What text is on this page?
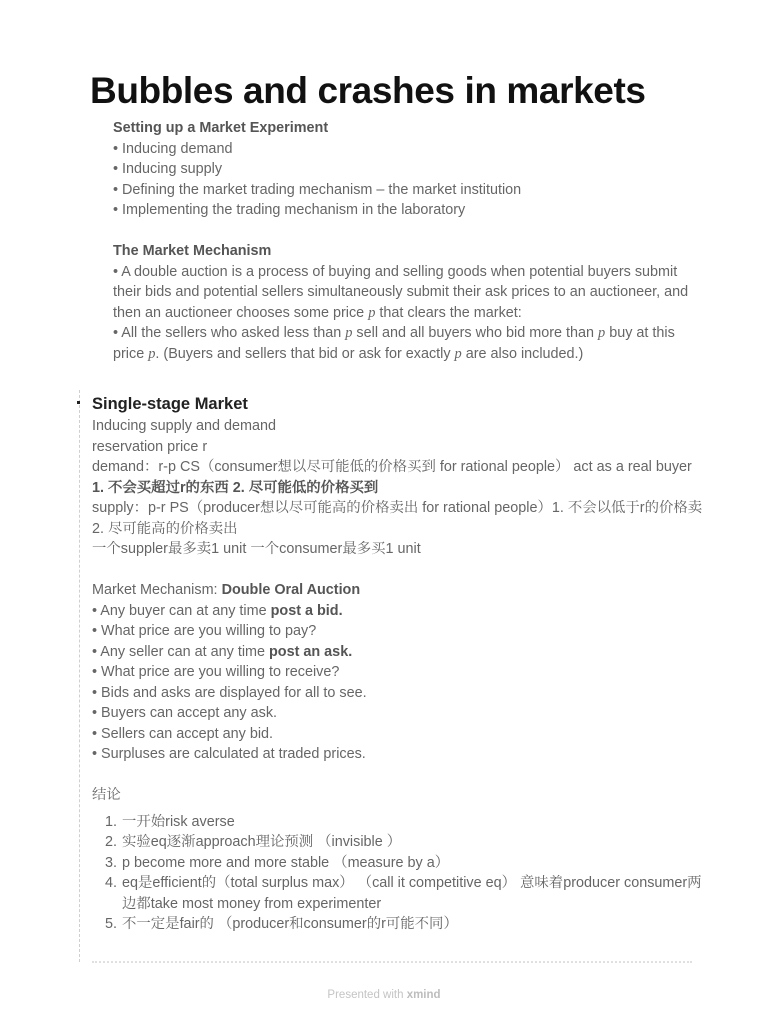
Bubbles and crashes in markets
Setting up a Market Experiment
• Inducing demand
• Inducing supply
• Defining the market trading mechanism – the market institution
• Implementing the trading mechanism in the laboratory
The Market Mechanism
• A double auction is a process of buying and selling goods when potential buyers submit their bids and potential sellers simultaneously submit their ask prices to an auctioneer, and then an auctioneer chooses some price p that clears the market:
• All the sellers who asked less than p sell and all buyers who bid more than p buy at this price p. (Buyers and sellers that bid or ask for exactly p are also included.)
Single-stage Market
Inducing supply and demand
reservation price r
demand：r-p CS（consumer想以尽可能低的价格买到 for rational people） act as a real buyer 1. 不会买超过r的东西 2. 尽可能低的价格买到
supply：p-r PS（producer想以尽可能高的价格卖出 for rational people）1. 不会以低于r的价格卖 2. 尽可能高的价格卖出
一个suppler最多卖1 unit 一个consumer最多买1 unit
Market Mechanism: Double Oral Auction
• Any buyer can at any time post a bid.
• What price are you willing to pay?
• Any seller can at any time post an ask.
• What price are you willing to receive?
• Bids and asks are displayed for all to see.
• Buyers can accept any ask.
• Sellers can accept any bid.
• Surpluses are calculated at traded prices.
结论
1. 一开始risk averse
2. 实验eq逐渐approach理论预测 （invisible ）
3. p become more and more stable （measure by a）
4. eq是efficient的（total surplus max） （call it competitive eq） 意味着producer consumer两边都take most money from experimenter
5. 不一定是fair的 （producer和consumer的r可能不同）
Presented with xmind
